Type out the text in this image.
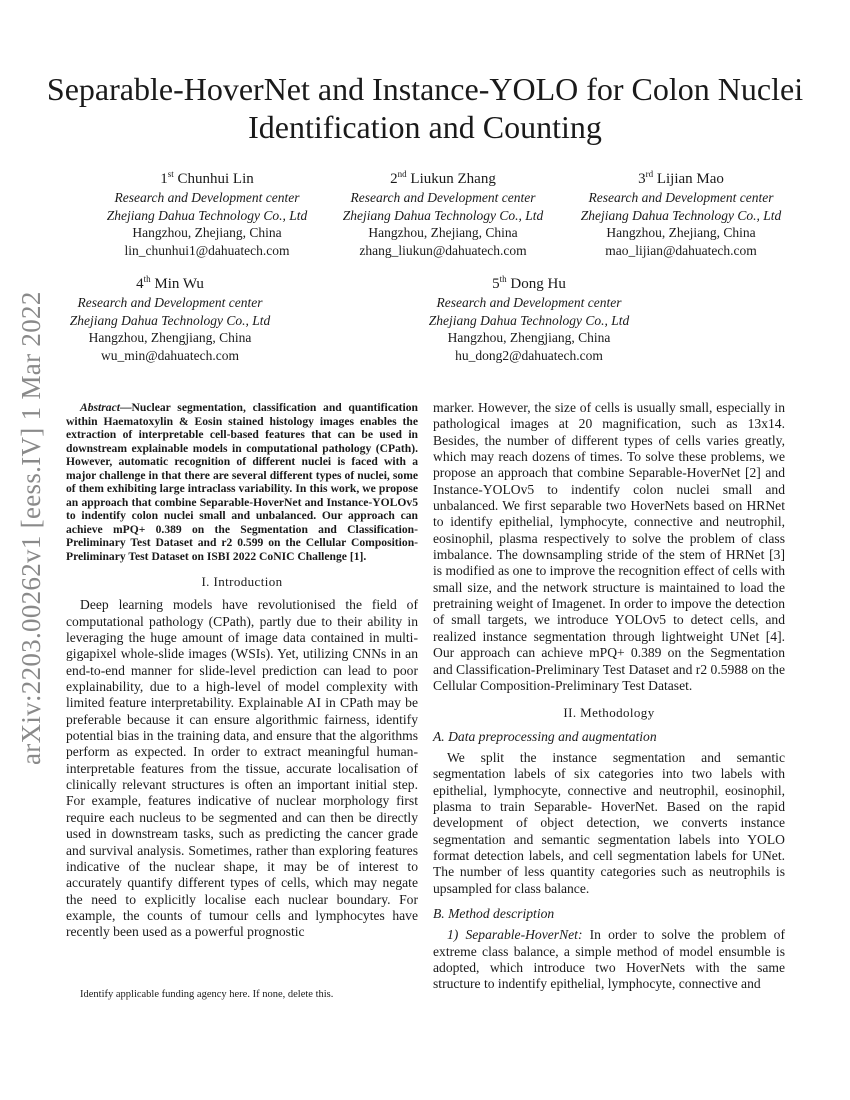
arXiv:2203.00262v1 [eess.IV] 1 Mar 2022
Separable-HoverNet and Instance-YOLO for Colon Nuclei Identification and Counting
1st Chunhui Lin
Research and Development center
Zhejiang Dahua Technology Co., Ltd
Hangzhou, Zhejiang, China
lin_chunhui1@dahuatech.com
2nd Liukun Zhang
Research and Development center
Zhejiang Dahua Technology Co., Ltd
Hangzhou, Zhejiang, China
zhang_liukun@dahuatech.com
3rd Lijian Mao
Research and Development center
Zhejiang Dahua Technology Co., Ltd
Hangzhou, Zhejiang, China
mao_lijian@dahuatech.com
4th Min Wu
Research and Development center
Zhejiang Dahua Technology Co., Ltd
Hangzhou, Zhengjiang, China
wu_min@dahuatech.com
5th Dong Hu
Research and Development center
Zhejiang Dahua Technology Co., Ltd
Hangzhou, Zhengjiang, China
hu_dong2@dahuatech.com

Abstract—Nuclear segmentation, classification and quantification within Haematoxylin & Eosin stained histology images enables the extraction of interpretable cell-based features that can be used in downstream explainable models in computational pathology (CPath). However, automatic recognition of different nuclei is faced with a major challenge in that there are several different types of nuclei, some of them exhibiting large intraclass variability. In this work, we propose an approach that combine Separable-HoverNet and Instance-YOLOv5 to indentify colon nuclei small and unbalanced. Our approach can achieve mPQ+ 0.389 on the Segmentation and Classification-Preliminary Test Dataset and r2 0.599 on the Cellular Composition-Preliminary Test Dataset on ISBI 2022 CoNIC Challenge [1].

I. Introduction

Deep learning models have revolutionised the field of computational pathology (CPath), partly due to their ability in leveraging the huge amount of image data contained in multi-gigapixel whole-slide images (WSIs). Yet, utilizing CNNs in an end-to-end manner for slide-level prediction can lead to poor explainability, due to a high-level of model complexity with limited feature interpretability. Explainable AI in CPath may be preferable because it can ensure algorithmic fairness, identify potential bias in the training data, and ensure that the algorithms perform as expected. In order to extract meaningful human-interpretable features from the tissue, accurate localisation of clinically relevant structures is often an important initial step. For example, features indicative of nuclear morphology first require each nucleus to be segmented and can then be directly used in downstream tasks, such as predicting the cancer grade and survival analysis. Sometimes, rather than exploring features indicative of the nuclear shape, it may be of interest to accurately quantify different types of cells, which may negate the need to explicitly localise each nuclear boundary. For example, the counts of tumour cells and lymphocytes have recently been used as a powerful prognostic

Identify applicable funding agency here. If none, delete this.

marker. However, the size of cells is usually small, especially in pathological images at 20 magnification, such as 13x14. Besides, the number of different types of cells varies greatly, which may reach dozens of times. To solve these problems, we propose an approach that combine Separable-HoverNet [2] and Instance-YOLOv5 to indentify colon nuclei small and unbalanced. We first separable two HoverNets based on HRNet to identify epithelial, lymphocyte, connective and neutrophil, eosinophil, plasma respectively to solve the problem of class imbalance. The downsampling stride of the stem of HRNet [3] is modified as one to improve the recognition effect of cells with small size, and the network structure is maintained to load the pretraining weight of Imagenet. In order to impove the detection of small targets, we introduce YOLOv5 to detect cells, and realized instance segmentation through lightweight UNet [4]. Our approach can achieve mPQ+ 0.389 on the Segmentation and Classification-Preliminary Test Dataset and r2 0.5988 on the Cellular Composition-Preliminary Test Dataset.

II. Methodology
A. Data preprocessing and augmentation

We split the instance segmentation and semantic segmentation labels of six categories into two labels with epithelial, lymphocyte, connective and neutrophil, eosinophil, plasma to train Separable- HoverNet. Based on the rapid development of object detection, we converts instance segmentation and semantic segmentation labels into YOLO format detection labels, and cell segmentation labels for UNet. The number of less quantity categories such as neutrophils is upsampled for class balance.

B. Method description

1) Separable-HoverNet: In order to solve the problem of extreme class balance, a simple method of model ensumble is adopted, which introduce two HoverNets with the same structure to indentify epithelial, lymphocyte, connective and
